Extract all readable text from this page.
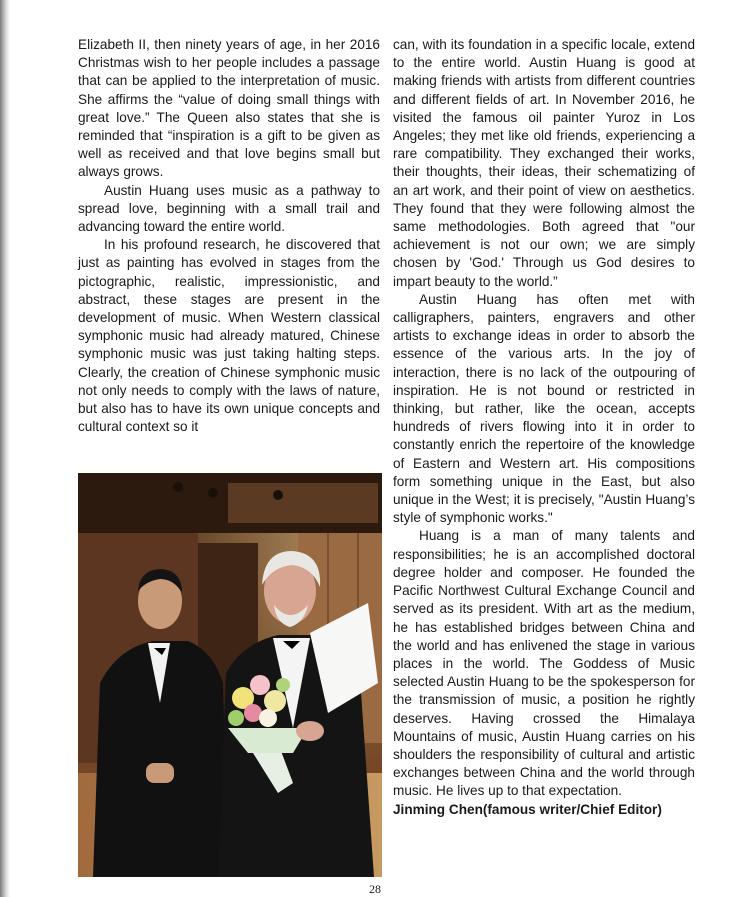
Elizabeth II, then ninety years of age, in her 2016 Christmas wish to her people includes a passage that can be applied to the interpretation of music. She affirms the “value of doing small things with great love.” The Queen also states that she is reminded that “inspiration is a gift to be given as well as received and that love begins small but always grows.

Austin Huang uses music as a pathway to spread love, beginning with a small trail and advancing toward the entire world.

In his profound research, he discovered that just as painting has evolved in stages from the pictographic, realistic, impressionistic, and abstract, these stages are present in the development of music. When Western classical symphonic music had already matured, Chinese symphonic music was just taking halting steps. Clearly, the creation of Chinese symphonic music not only needs to comply with the laws of nature, but also has to have its own unique concepts and cultural context so it

can, with its foundation in a specific locale, extend to the entire world. Austin Huang is good at making friends with artists from different countries and different fields of art. In November 2016, he visited the famous oil painter Yuroz in Los Angeles; they met like old friends, experiencing a rare compatibility. They exchanged their works, their thoughts, their ideas, their schematizing of an art work, and their point of view on aesthetics. They found that they were following almost the same methodologies. Both agreed that "our achievement is not our own; we are simply chosen by 'God.' Through us God desires to impart beauty to the world.”

Austin Huang has often met with calligraphers, painters, engravers and other artists to exchange ideas in order to absorb the essence of the various arts. In the joy of interaction, there is no lack of the outpouring of inspiration. He is not bound or restricted in thinking, but rather, like the ocean, accepts hundreds of rivers flowing into it in order to constantly enrich the repertoire of the knowledge of Eastern and Western art. His compositions form something unique in the East, but also unique in the West; it is precisely, "Austin Huang’s style of symphonic works."

Huang is a man of many talents and responsibilities; he is an accomplished doctoral degree holder and composer. He founded the Pacific Northwest Cultural Exchange Council and served as its president. With art as the medium, he has established bridges between China and the world and has enlivened the stage in various places in the world. The Goddess of Music selected Austin Huang to be the spokesperson for the transmission of music, a position he rightly deserves. Having crossed the Himalaya Mountains of music, Austin Huang carries on his shoulders the responsibility of cultural and artistic exchanges between China and the world through music. He lives up to that expectation.

Jinming Chen(famous writer/Chief Editor)

28
